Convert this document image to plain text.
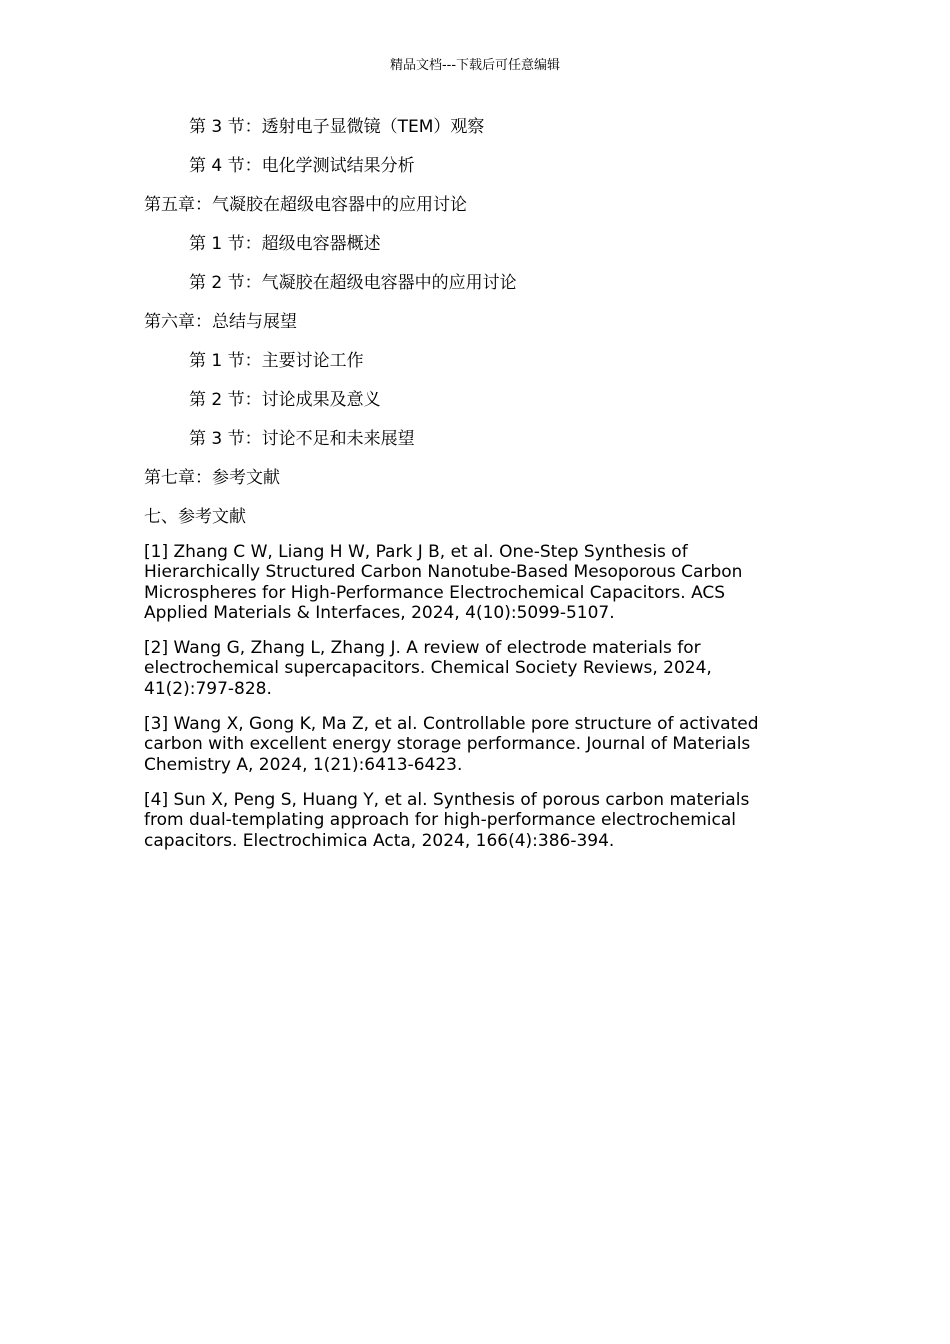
精品文档---下载后可任意编辑
第 3 节：透射电子显微镜（TEM）观察
第 4 节：电化学测试结果分析
第五章：气凝胶在超级电容器中的应用讨论
第 1 节：超级电容器概述
第 2 节：气凝胶在超级电容器中的应用讨论
第六章：总结与展望
第 1 节：主要讨论工作
第 2 节：讨论成果及意义
第 3 节：讨论不足和未来展望
第七章：参考文献
七、参考文献

[1] Zhang C W, Liang H W, Park J B, et al. One-Step Synthesis of Hierarchically Structured Carbon Nanotube-Based Mesoporous Carbon Microspheres for High-Performance Electrochemical Capacitors. ACS Applied Materials & Interfaces, 2024, 4(10):5099-5107.

[2] Wang G, Zhang L, Zhang J. A review of electrode materials for electrochemical supercapacitors. Chemical Society Reviews, 2024, 41(2):797-828.

[3] Wang X, Gong K, Ma Z, et al. Controllable pore structure of activated carbon with excellent energy storage performance. Journal of Materials Chemistry A, 2024, 1(21):6413-6423.

[4] Sun X, Peng S, Huang Y, et al. Synthesis of porous carbon materials from dual-templating approach for high-performance electrochemical capacitors. Electrochimica Acta, 2024, 166(4):386-394.
